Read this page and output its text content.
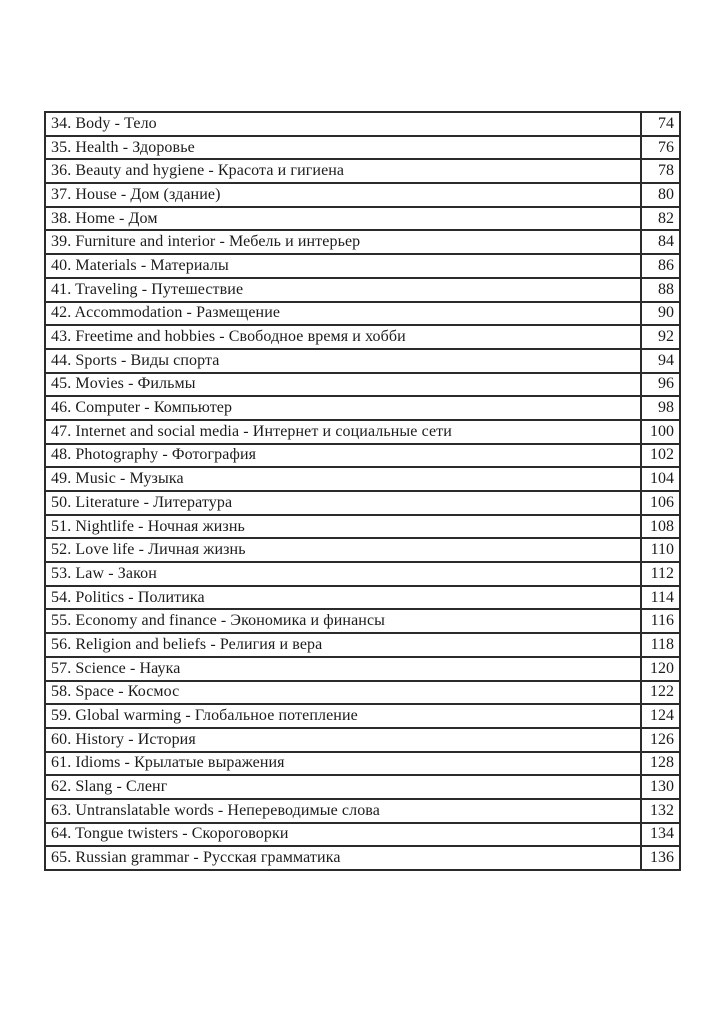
34. Body - Тело	74
35. Health - Здоровье	76
36. Beauty and hygiene - Красота и гигиена	78
37. House - Дом (здание)	80
38. Home - Дом	82
39. Furniture and interior - Мебель и интерьер	84
40. Materials - Материалы	86
41. Traveling - Путешествие	88
42. Accommodation - Размещение	90
43. Freetime and hobbies - Свободное время и хобби	92
44. Sports - Виды спорта	94
45. Movies - Фильмы	96
46. Computer - Компьютер	98
47. Internet and social media - Интернет и социальные сети	100
48. Photography - Фотография	102
49. Music - Музыка	104
50. Literature - Литература	106
51. Nightlife - Ночная жизнь	108
52. Love life - Личная жизнь	110
53. Law - Закон	112
54. Politics - Политика	114
55. Economy and finance - Экономика и финансы	116
56. Religion and beliefs - Религия и вера	118
57. Science - Наука	120
58. Space - Космос	122
59. Global warming - Глобальное потепление	124
60. History - История	126
61. Idioms - Крылатые выражения	128
62. Slang - Сленг	130
63. Untranslatable words - Непереводимые слова	132
64. Tongue twisters - Скороговорки	134
65. Russian grammar - Русская грамматика	136
